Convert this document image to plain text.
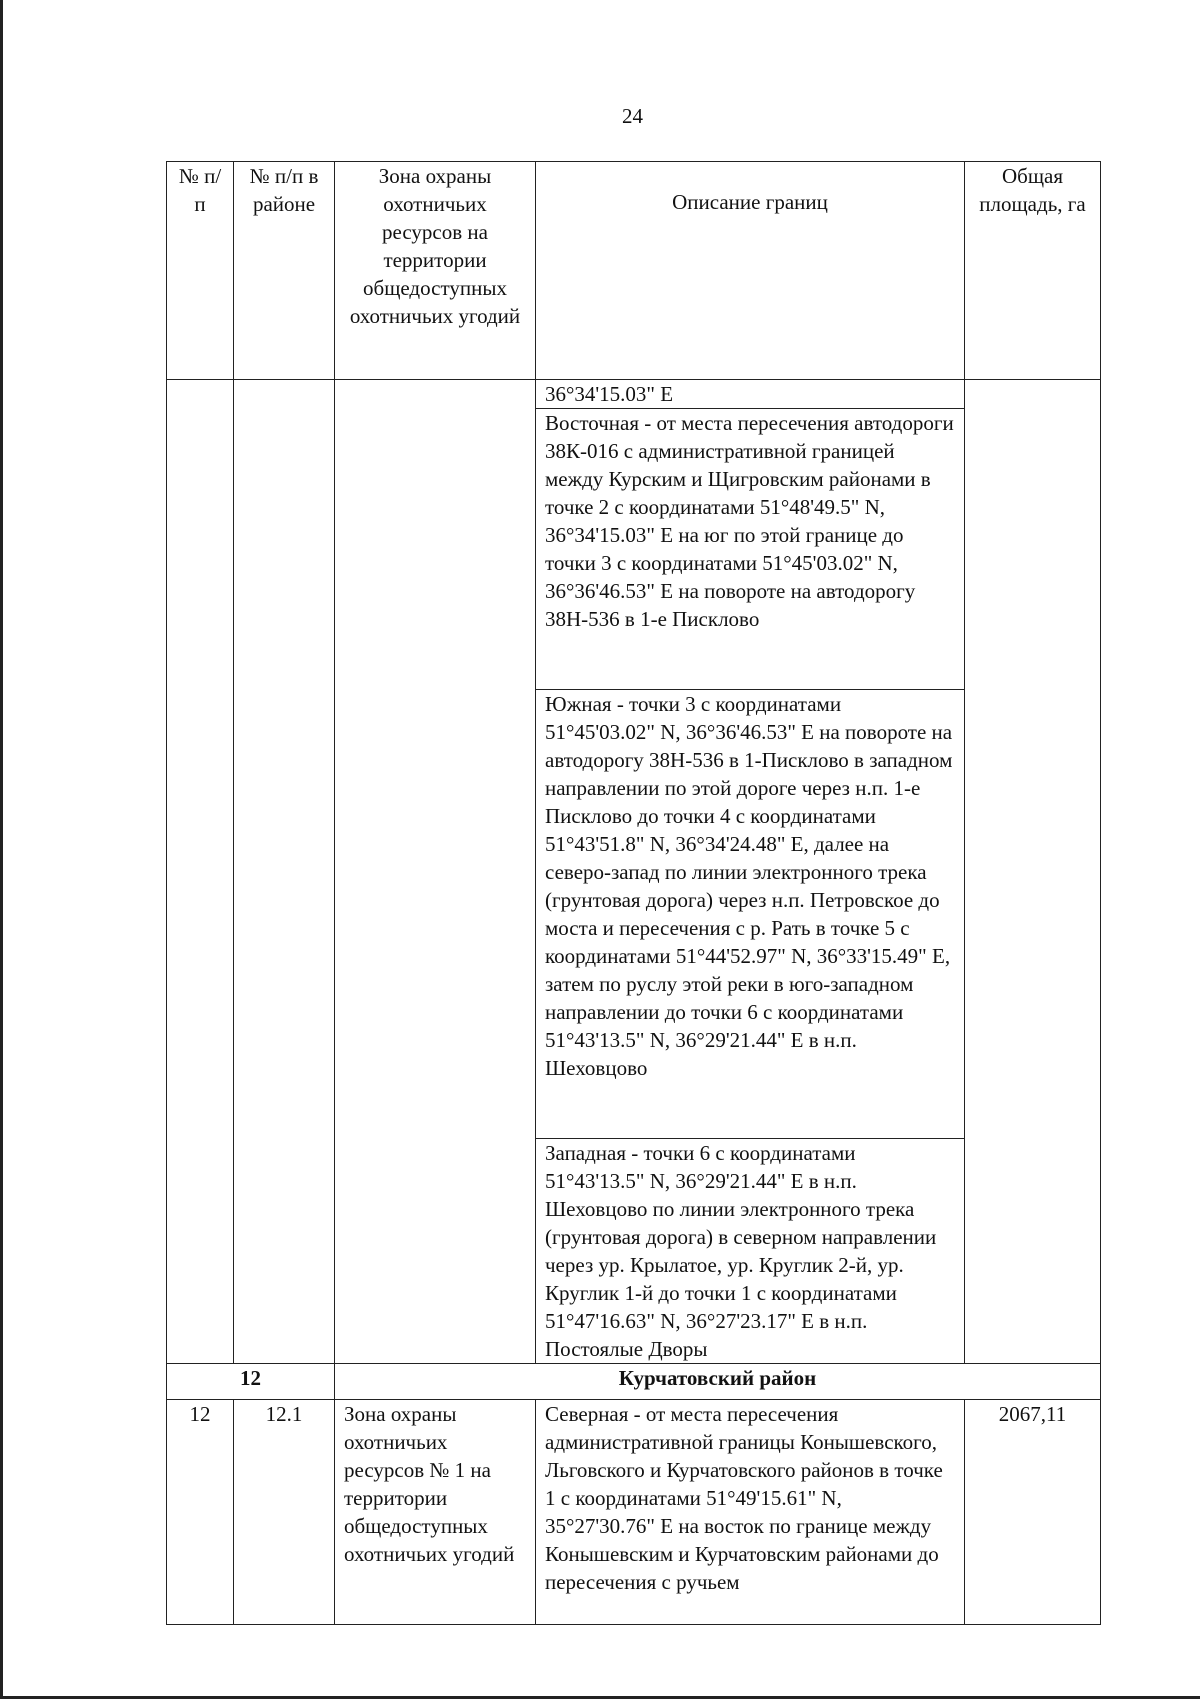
24
№ п/п	№ п/п в районе	Зона охраны охотничьих ресурсов на территории общедоступных охотничьих угодий	Описание границ	Общая площадь, га
			36°34'15.03" E	
			Восточная - от места пересечения автодороги 38К-016 с административной границей между Курским и Щигровским районами в точке 2 с координатами 51°48'49.5" N, 36°34'15.03" E на юг по этой границе до точки 3 с координатами 51°45'03.02" N, 36°36'46.53" E на повороте на автодорогу 38Н-536 в 1-е Писклово	
			Южная - точки 3 с координатами 51°45'03.02" N, 36°36'46.53" E на повороте на автодорогу 38Н-536 в 1-Писклово в западном направлении по этой дороге через н.п. 1-е Писклово до точки 4 с координатами 51°43'51.8" N, 36°34'24.48" E, далее на северо-запад по линии электронного трека (грунтовая дорога) через н.п. Петровское до моста и пересечения с р. Рать в точке 5 с координатами 51°44'52.97" N, 36°33'15.49" E, затем по руслу этой реки в юго-западном направлении до точки 6 с координатами 51°43'13.5" N, 36°29'21.44" E в н.п. Шеховцово	
			Западная - точки 6 с координатами 51°43'13.5" N, 36°29'21.44" E в н.п. Шеховцово по линии электронного трека (грунтовая дорога) в северном направлении через ур. Крылатое, ур. Круглик 2-й, ур. Круглик 1-й до точки 1 с координатами 51°47'16.63" N, 36°27'23.17" E в н.п. Постоялые Дворы	
12		Курчатовский район		
12	12.1	Зона охраны охотничьих ресурсов № 1 на территории общедоступных охотничьих угодий	Северная - от места пересечения административной границы Конышевского, Льговского и Курчатовского районов в точке 1 с координатами 51°49'15.61" N, 35°27'30.76" E на восток по границе между Конышевским и Курчатовским районами до пересечения с ручьем	2067,11
